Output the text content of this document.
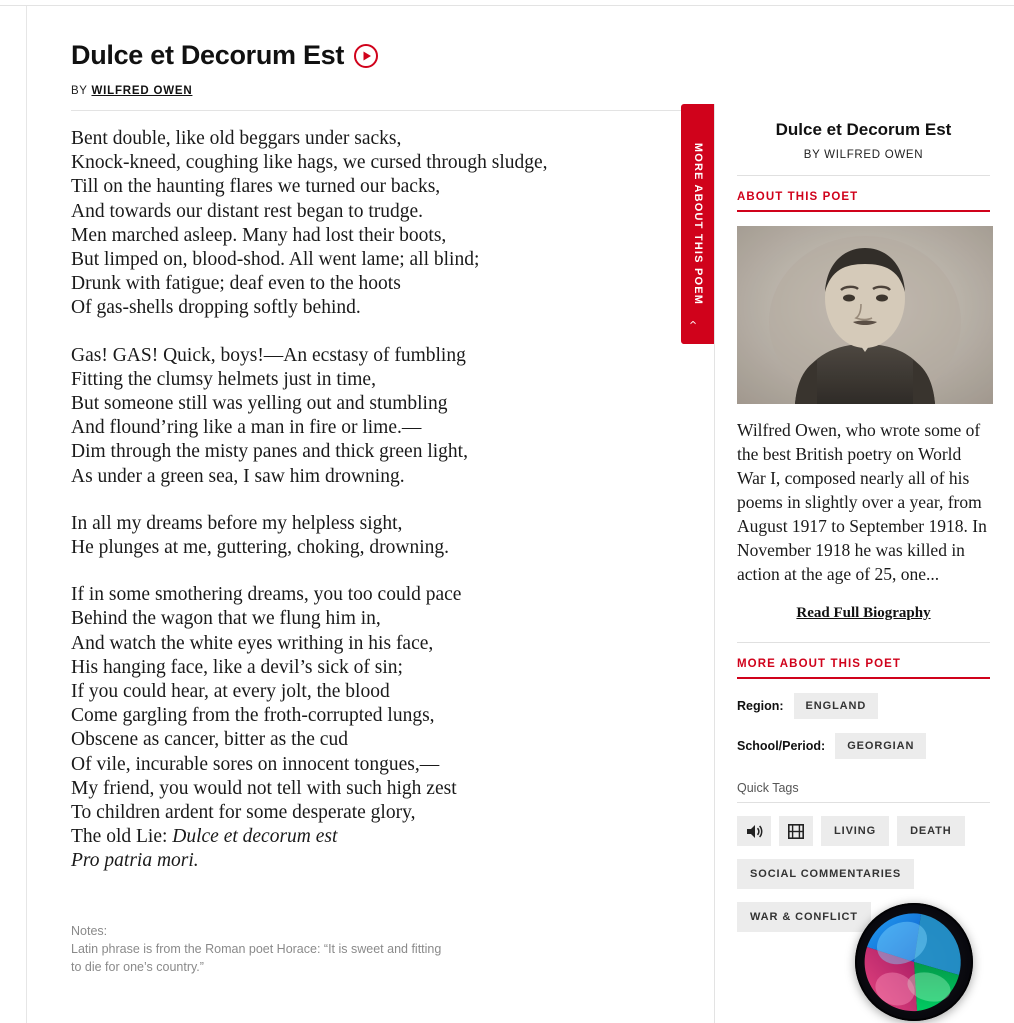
Dulce et Decorum Est
BY WILFRED OWEN
Bent double, like old beggars under sacks,
Knock-kneed, coughing like hags, we cursed through sludge,
Till on the haunting flares we turned our backs,
And towards our distant rest began to trudge.
Men marched asleep. Many had lost their boots,
But limped on, blood-shod. All went lame; all blind;
Drunk with fatigue; deaf even to the hoots
Of gas-shells dropping softly behind.
Gas! GAS! Quick, boys!—An ecstasy of fumbling
Fitting the clumsy helmets just in time,
But someone still was yelling out and stumbling
And flound’ring like a man in fire or lime.—
Dim through the misty panes and thick green light,
As under a green sea, I saw him drowning.
In all my dreams before my helpless sight,
He plunges at me, guttering, choking, drowning.
If in some smothering dreams, you too could pace
Behind the wagon that we flung him in,
And watch the white eyes writhing in his face,
His hanging face, like a devil’s sick of sin;
If you could hear, at every jolt, the blood
Come gargling from the froth-corrupted lungs,
Obscene as cancer, bitter as the cud
Of vile, incurable sores on innocent tongues,—
My friend, you would not tell with such high zest
To children ardent for some desperate glory,
The old Lie: Dulce et decorum est
Pro patria mori.
Notes:
Latin phrase is from the Roman poet Horace: “It is sweet and fitting to die for one’s country.”
MORE ABOUT THIS POEM
‹
Dulce et Decorum Est
BY WILFRED OWEN
ABOUT THIS POET
Wilfred Owen, who wrote some of the best British poetry on World War I, composed nearly all of his poems in slightly over a year, from August 1917 to September 1918. In November 1918 he was killed in action at the age of 25, one...
Read Full Biography
MORE ABOUT THIS POET
Region:	ENGLAND
School/Period:	GEORGIAN
Quick Tags
LIVING	DEATH
SOCIAL COMMENTARIES
WAR & CONFLICT
